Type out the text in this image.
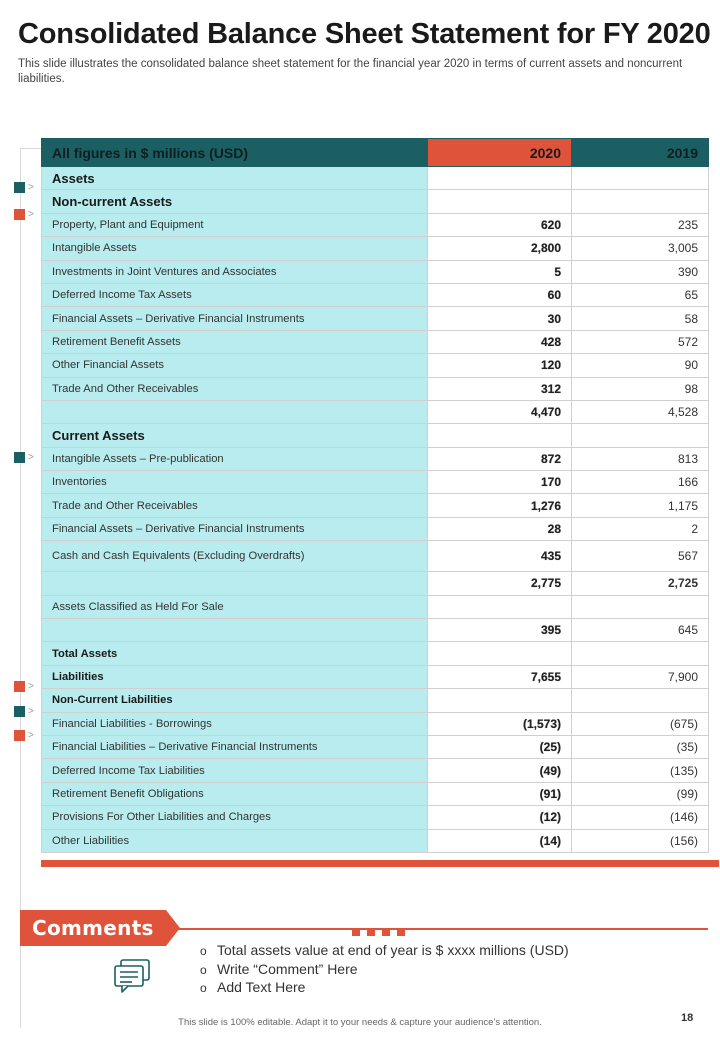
Consolidated Balance Sheet Statement for FY 2020
This slide illustrates the consolidated balance sheet statement for the financial year 2020 in terms of current assets and noncurrent liabilities.
>
>
>
>
>
>
All figures in $ millions (USD)	2020	2019
Assets		
Non-current Assets		
Property, Plant and Equipment	620	235
Intangible Assets	2,800	3,005
Investments in Joint Ventures and Associates	5	390
Deferred Income Tax Assets	60	65
Financial Assets – Derivative Financial Instruments	30	58
Retirement Benefit Assets	428	572
Other Financial Assets	120	90
Trade And Other Receivables	312	98
	4,470	4,528
Current Assets		
Intangible Assets – Pre-publication	872	813
Inventories	170	166
Trade and Other Receivables	1,276	1,175
Financial Assets – Derivative Financial Instruments	28	2
Cash and Cash Equivalents (Excluding Overdrafts)	435	567
	2,775	2,725
Assets Classified as Held For Sale		
	395	645
Total Assets		
Liabilities	7,655	7,900
Non-Current Liabilities		
Financial Liabilities - Borrowings	(1,573)	(675)
Financial Liabilities – Derivative Financial Instruments	(25)	(35)
Deferred Income Tax Liabilities	(49)	(135)
Retirement Benefit Obligations	(91)	(99)
Provisions For Other Liabilities and Charges	(12)	(146)
Other Liabilities	(14)	(156)
Comments
o Total assets value at end of year is $ xxxx millions (USD)
o Write “Comment” Here
o Add Text Here
This slide is 100% editable. Adapt it to your needs & capture your audience’s attention.	18
